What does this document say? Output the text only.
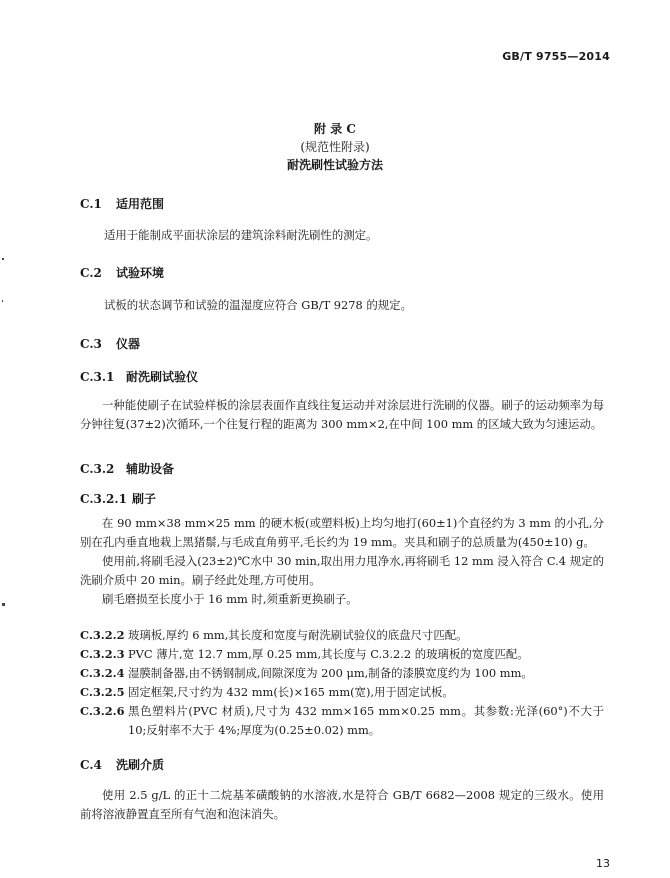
GB/T 9755—2014
附 录 C
(规范性附录)
耐洗刷性试验方法
C.1 适用范围

适用于能制成平面状涂层的建筑涂料耐洗刷性的测定。

C.2 试验环境

试板的状态调节和试验的温湿度应符合 GB/T 9278 的规定。

C.3 仪器
C.3.1 耐洗刷试验仪

一种能使刷子在试验样板的涂层表面作直线往复运动并对涂层进行洗刷的仪器。刷子的运动频率为每分钟往复(37±2)次循环,一个往复行程的距离为 300 mm×2,在中间 100 mm 的区域大致为匀速运动。

C.3.2 辅助设备
C.3.2.1 刷子

在 90 mm×38 mm×25 mm 的硬木板(或塑料板)上均匀地打(60±1)个直径约为 3 mm 的小孔,分别在孔内垂直地栽上黑猪鬃,与毛成直角剪平,毛长约为 19 mm。夹具和刷子的总质量为(450±10) g。

使用前,将刷毛浸入(23±2)℃水中 30 min,取出用力甩净水,再将刷毛 12 mm 浸入符合 C.4 规定的洗刷介质中 20 min。刷子经此处理,方可使用。

刷毛磨损至长度小于 16 mm 时,须重新更换刷子。

C.3.2.2 玻璃板,厚约 6 mm,其长度和宽度与耐洗刷试验仪的底盘尺寸匹配。
C.3.2.3 PVC 薄片,宽 12.7 mm,厚 0.25 mm,其长度与 C.3.2.2 的玻璃板的宽度匹配。
C.3.2.4 湿膜制备器,由不锈钢制成,间隙深度为 200 μm,制备的漆膜宽度约为 100 mm。
C.3.2.5 固定框架,尺寸约为 432 mm(长)×165 mm(宽),用于固定试板。
C.3.2.6 黑色塑料片(PVC 材质),尺寸为 432 mm×165 mm×0.25 mm。其参数:光泽(60°)不大于 10;反射率不大于 4%;厚度为(0.25±0.02) mm。
C.4 洗刷介质

使用 2.5 g/L 的正十二烷基苯磺酸钠的水溶液,水是符合 GB/T 6682—2008 规定的三级水。使用前将溶液静置直至所有气泡和泡沫消失。

13
